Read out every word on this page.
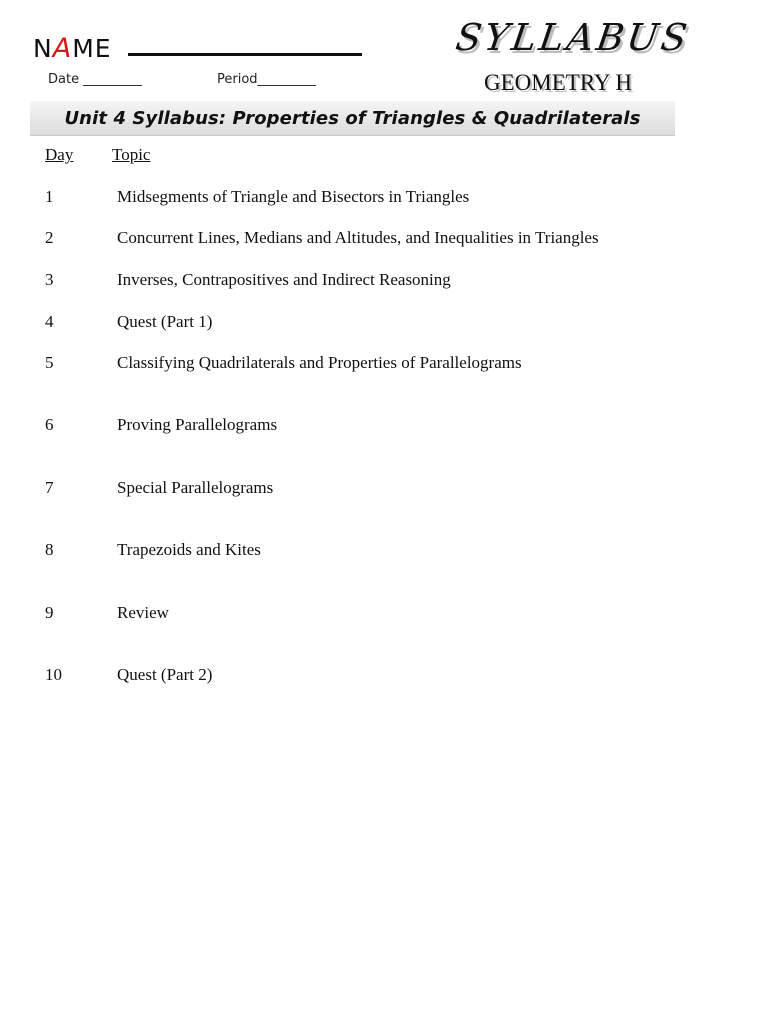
N A ME
Date _________	Period_________
SYLLABUS
GEOMETRY H
Unit 4 Syllabus: Properties of Triangles & Quadrilaterals
Day Topic
1	Midsegments of Triangle and Bisectors in Triangles
2	Concurrent Lines, Medians and Altitudes, and Inequalities in Triangles
3	Inverses, Contrapositives and Indirect Reasoning
4	Quest (Part 1)
5	Classifying Quadrilaterals and Properties of Parallelograms
6	Proving Parallelograms
7	Special Parallelograms
8	Trapezoids and Kites
9	Review
10	Quest (Part 2)
